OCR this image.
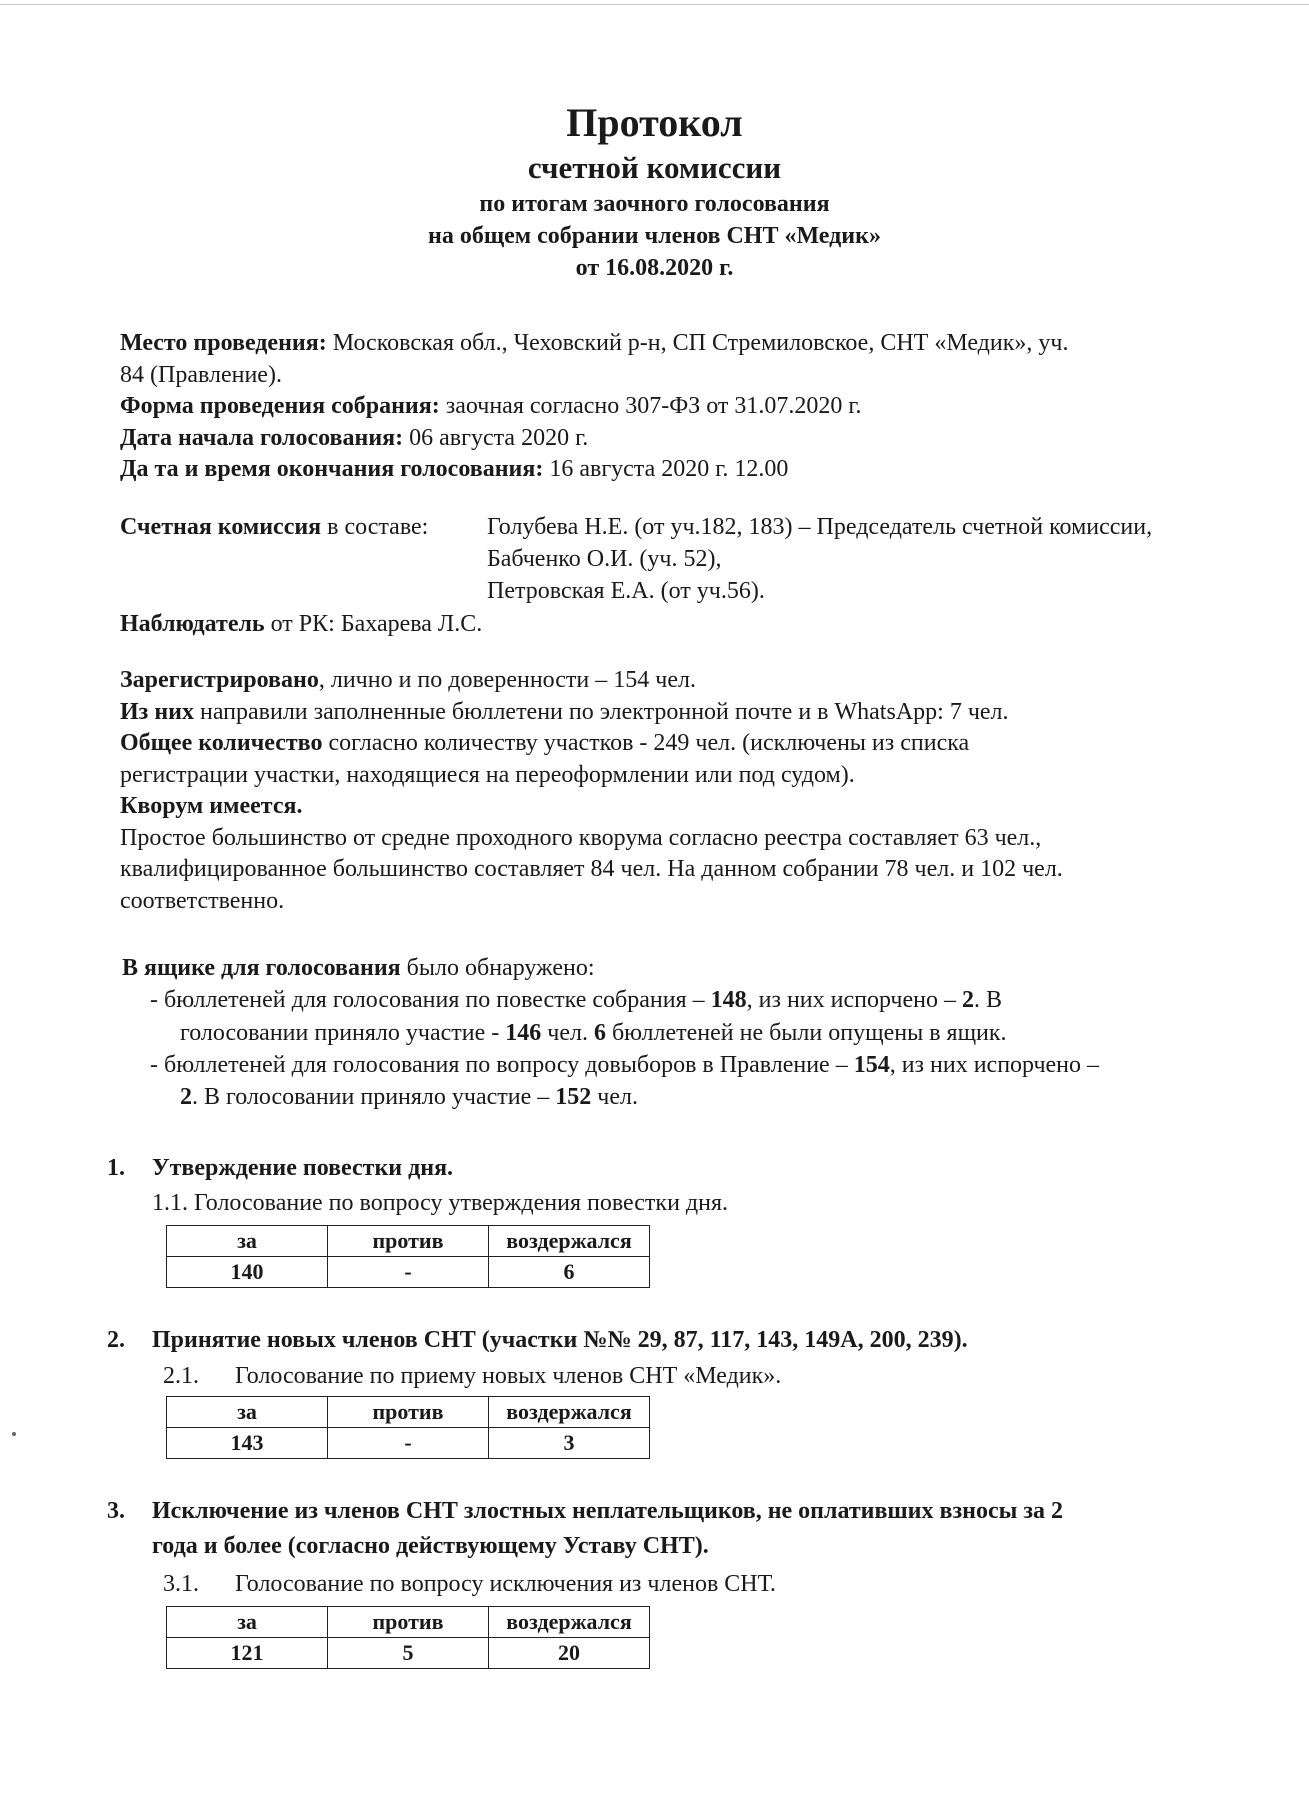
Протокол
счетной комиссии
по итогам заочного голосования
на общем собрании членов СНТ «Медик»
от 16.08.2020 г.

Место проведения: Московская обл., Чеховский р-н, СП Стремиловское, СНТ «Медик», уч.

84 (Правление).

Форма проведения собрания: заочная согласно 307-ФЗ от 31.07.2020 г.

Дата начала голосования: 06 августа 2020 г.

Да та и время окончания голосования: 16 августа 2020 г. 12.00

Счетная комиссия в составе: Голубева Н.Е. (от уч.182, 183) – Председатель счетной комиссии,
Бабченко О.И. (уч. 52),
Петровская Е.А. (от уч.56).
Наблюдатель от РК: Бахарева Л.С.

Зарегистрировано, лично и по доверенности – 154 чел.

Из них направили заполненные бюллетени по электронной почте и в WhatsApp: 7 чел.

Общее количество согласно количеству участков - 249 чел. (исключены из списка

регистрации участки, находящиеся на переоформлении или под судом).

Кворум имеется.

Простое большинство от средне проходного кворума согласно реестра составляет 63 чел.,

квалифицированное большинство составляет 84 чел. На данном собрании 78 чел. и 102 чел.

соответственно.

В ящике для голосования было обнаружено:
- бюллетеней для голосования по повестке собрания – 148, из них испорчено – 2. В
голосовании приняло участие - 146 чел. 6 бюллетеней не были опущены в ящик.
- бюллетеней для голосования по вопросу довыборов в Правление – 154, из них испорчено –
2. В голосовании приняло участие – 152 чел.
1. Утверждение повестки дня.
1.1. Голосование по вопросу утверждения повестки дня.
за	против	воздержался
140	-	6
2. Принятие новых членов СНТ (участки №№ 29, 87, 117, 143, 149А, 200, 239).
2.1. Голосование по приему новых членов СНТ «Медик».
за	против	воздержался
143	-	3
3. Исключение из членов СНТ злостных неплательщиков, не оплативших взносы за 2
года и более (согласно действующему Уставу СНТ).
3.1. Голосование по вопросу исключения из членов СНТ.
за	против	воздержался
121	5	20
